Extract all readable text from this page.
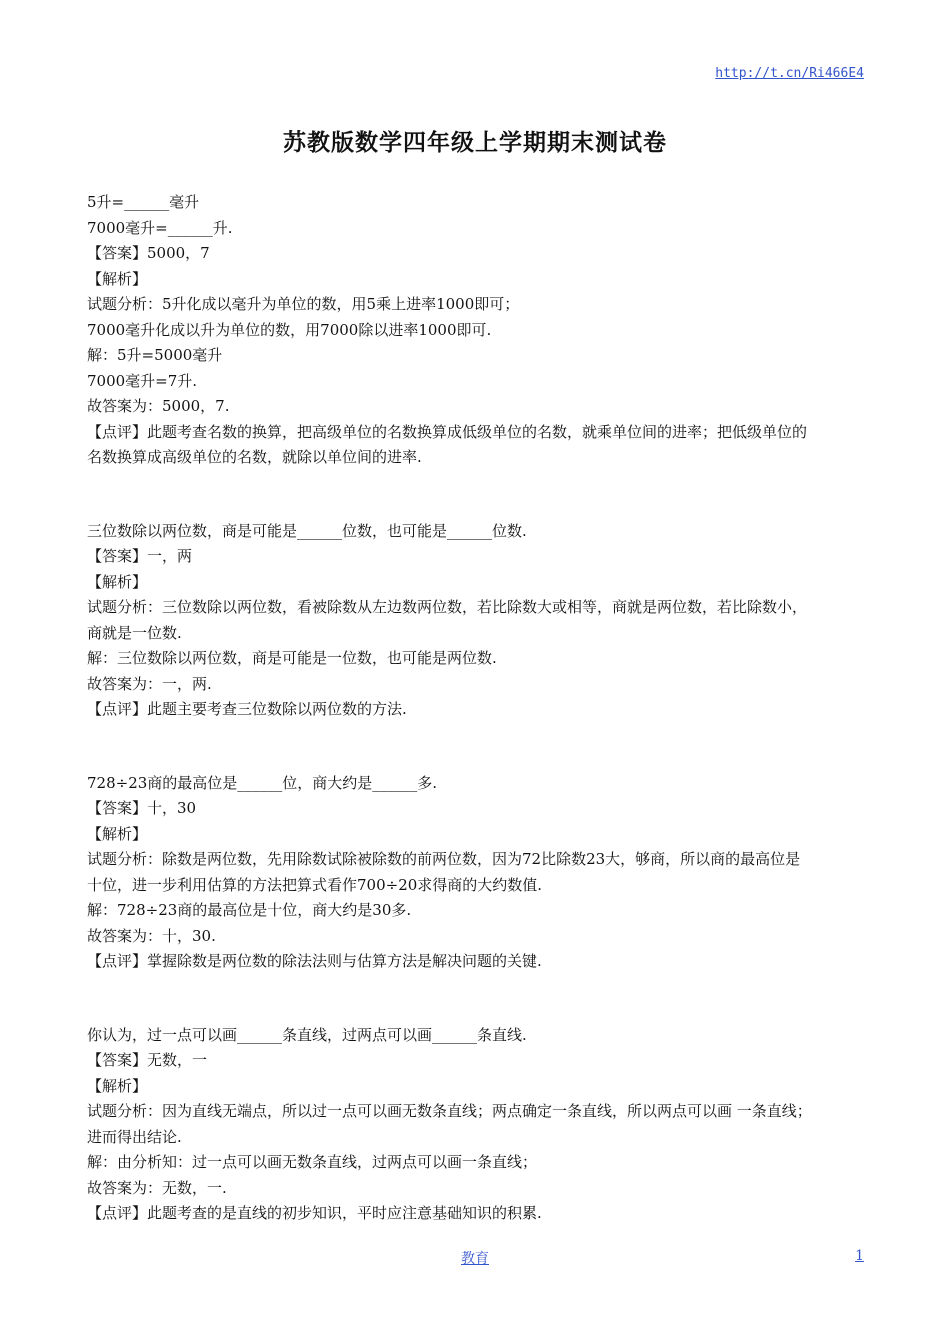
http://t.cn/Ri466E4
苏教版数学四年级上学期期末测试卷
5升=______毫升
7000毫升=______升.
【答案】5000，7
【解析】
试题分析：5升化成以毫升为单位的数，用5乘上进率1000即可；
7000毫升化成以升为单位的数，用7000除以进率1000即可.
解：5升=5000毫升
7000毫升=7升.
故答案为：5000，7.
【点评】此题考查名数的换算，把高级单位的名数换算成低级单位的名数，就乘单位间的进率；把低级单位的
名数换算成高级单位的名数，就除以单位间的进率.
三位数除以两位数，商是可能是______位数，也可能是______位数.
【答案】一，两
【解析】
试题分析：三位数除以两位数，看被除数从左边数两位数，若比除数大或相等，商就是两位数，若比除数小，
商就是一位数.
解：三位数除以两位数，商是可能是一位数，也可能是两位数.
故答案为：一，两.
【点评】此题主要考查三位数除以两位数的方法.
728÷23商的最高位是______位，商大约是______多.
【答案】十，30
【解析】
试题分析：除数是两位数，先用除数试除被除数的前两位数，因为72比除数23大，够商，所以商的最高位是
十位，进一步利用估算的方法把算式看作700÷20求得商的大约数值.
解：728÷23商的最高位是十位，商大约是30多.
故答案为：十，30.
【点评】掌握除数是两位数的除法法则与估算方法是解决问题的关键.
你认为，过一点可以画______条直线，过两点可以画______条直线.
【答案】无数，一
【解析】
试题分析：因为直线无端点，所以过一点可以画无数条直线；两点确定一条直线，所以两点可以画 一条直线；
进而得出结论.
解：由分析知：过一点可以画无数条直线，过两点可以画一条直线；
故答案为：无数，一.
【点评】此题考查的是直线的初步知识，平时应注意基础知识的积累.
教育	1
